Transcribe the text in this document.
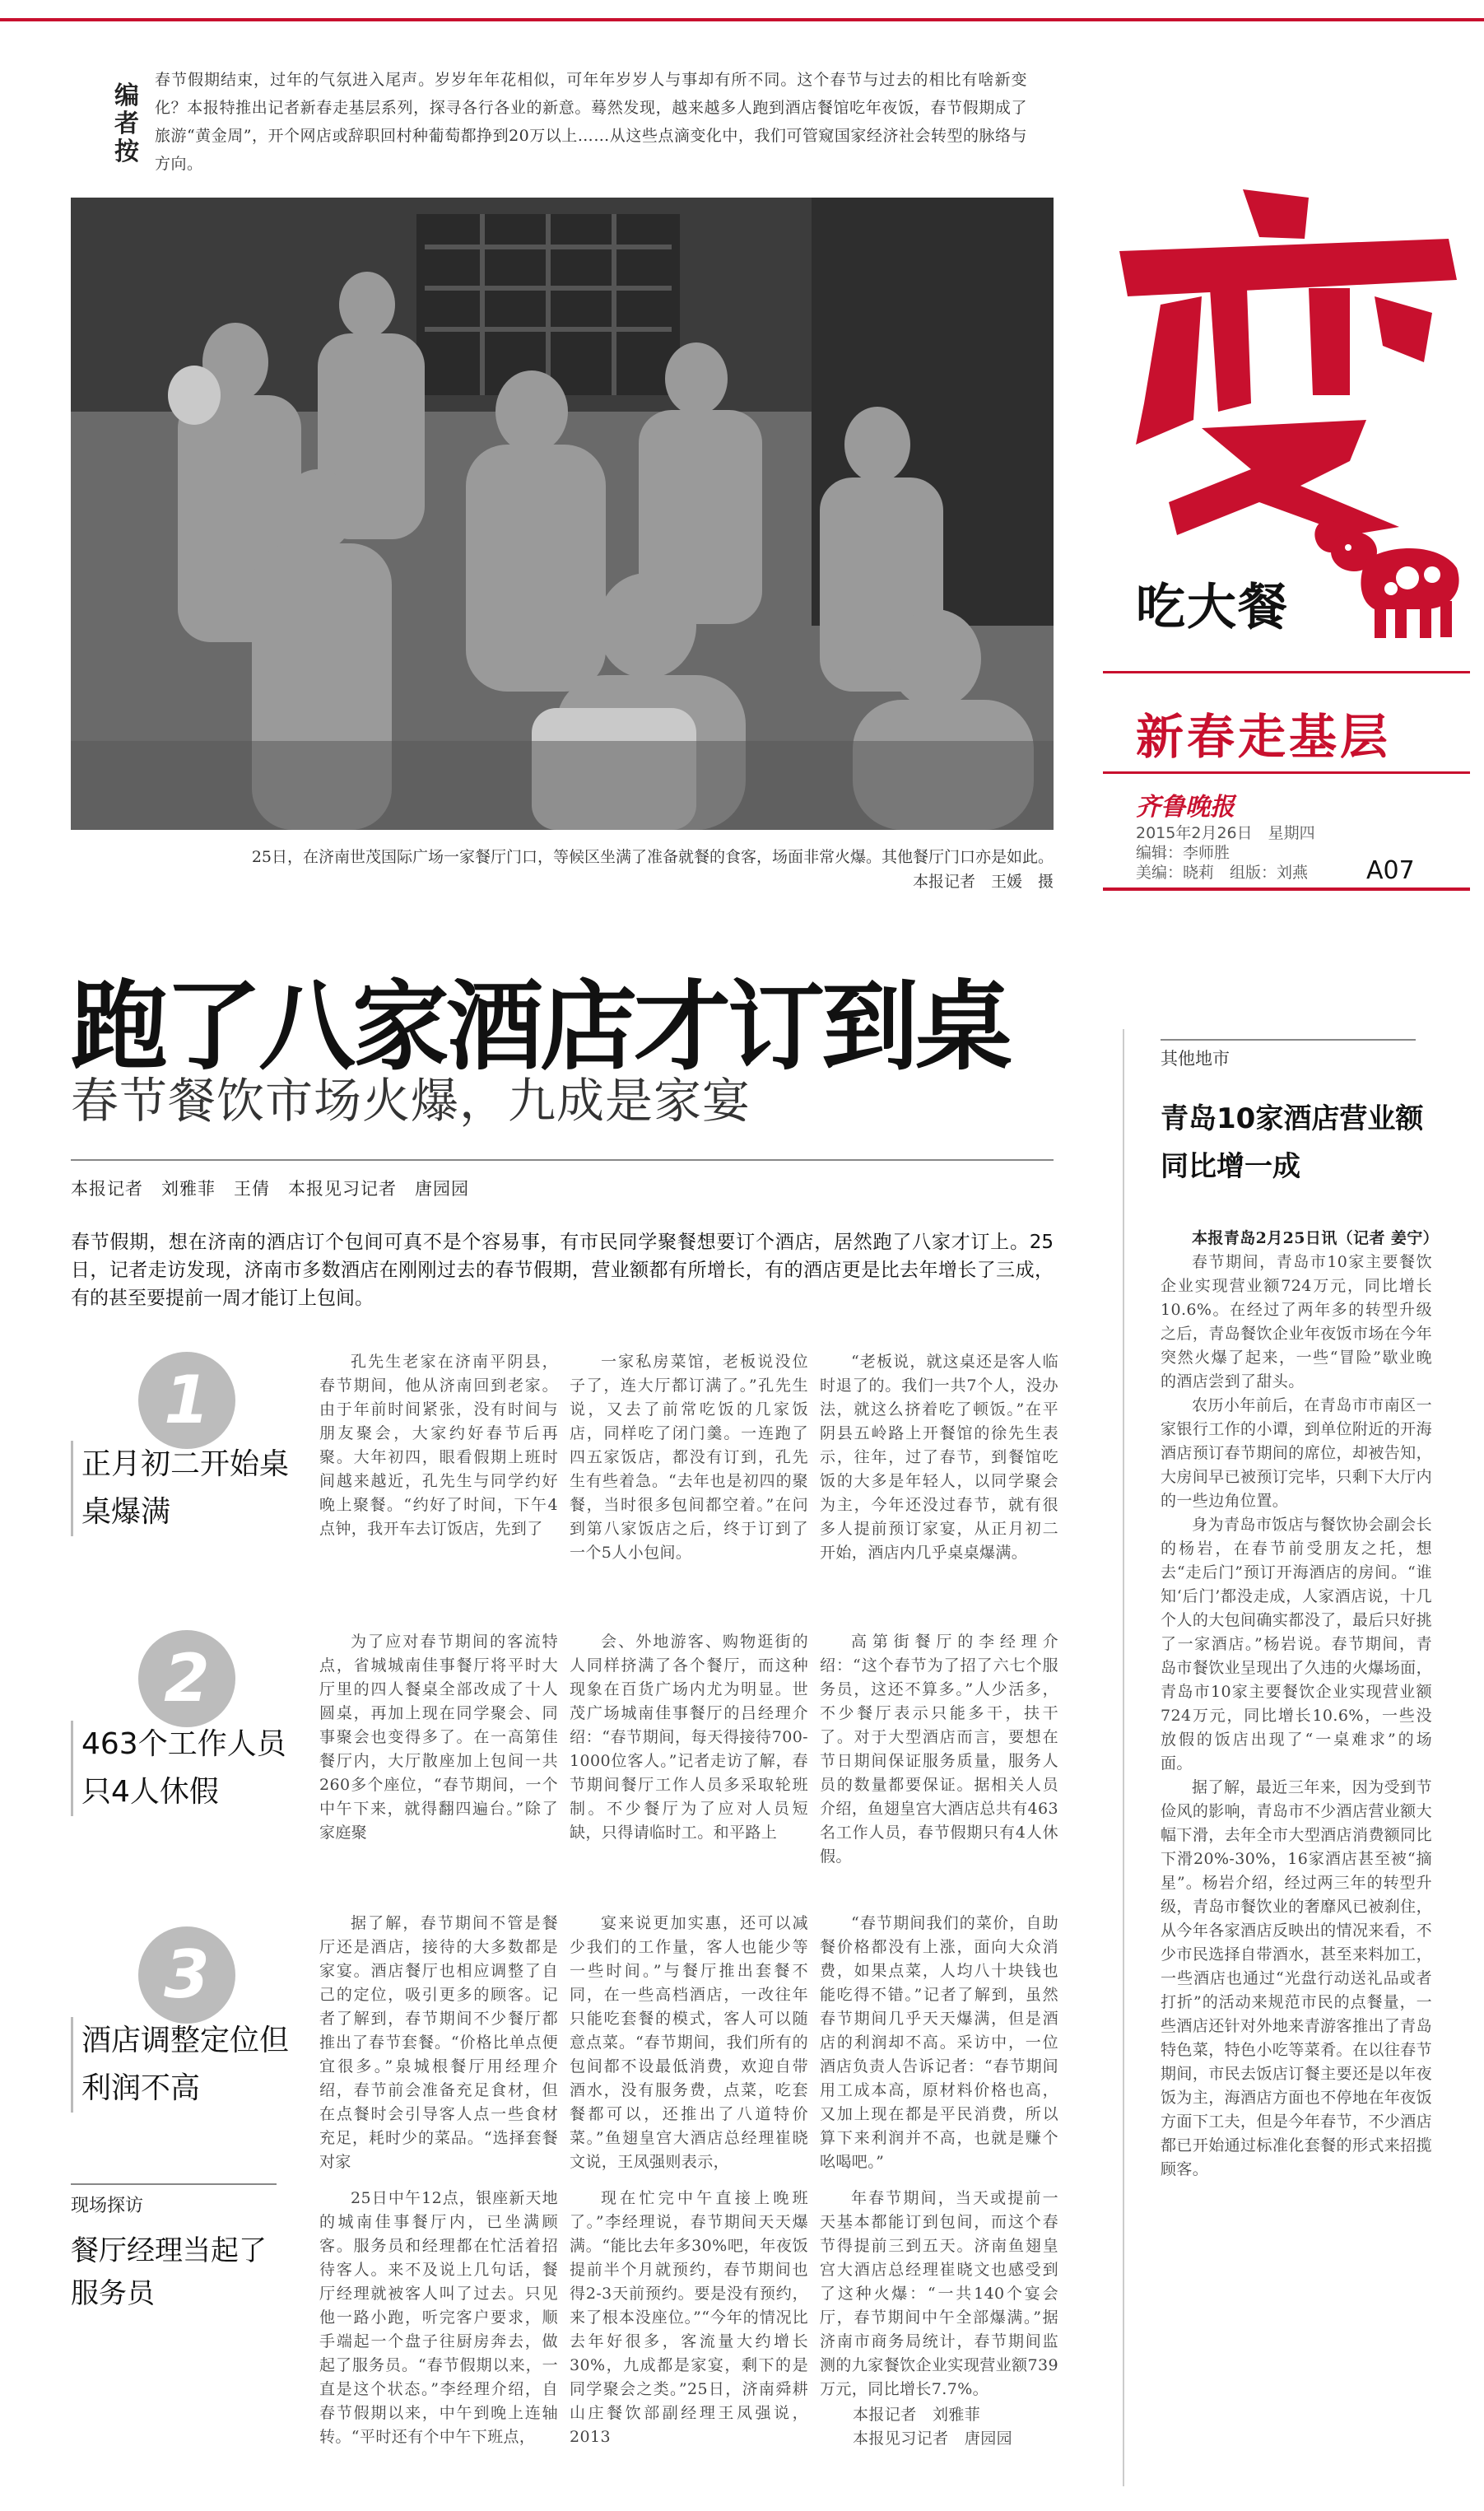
编者按
春节假期结束，过年的气氛进入尾声。岁岁年年花相似，可年年岁岁人与事却有所不同。这个春节与过去的相比有啥新变化？本报特推出记者新春走基层系列，探寻各行各业的新意。蓦然发现，越来越多人跑到酒店餐馆吃年夜饭，春节假期成了旅游“黄金周”，开个网店或辞职回村种葡萄都挣到20万以上……从这些点滴变化中，我们可管窥国家经济社会转型的脉络与方向。
25日，在济南世茂国际广场一家餐厅门口，等候区坐满了准备就餐的食客，场面非常火爆。其他餐厅门口亦是如此。
本报记者　王媛　摄
吃大餐
新春走基层
齐鲁晚报
2015年2月26日　星期四
编辑：李师胜
美编：晓莉　组版：刘燕 A07
跑了八家酒店才订到桌
春节餐饮市场火爆，九成是家宴
本报记者　刘雅菲　王倩　本报见习记者　唐园园
春节假期，想在济南的酒店订个包间可真不是个容易事，有市民同学聚餐想要订个酒店，居然跑了八家才订上。25日，记者走访发现，济南市多数酒店在刚刚过去的春节假期，营业额都有所增长，有的酒店更是比去年增长了三成，有的甚至要提前一周才能订上包间。
1
正月初二开始桌桌爆满

孔先生老家在济南平阴县，春节期间，他从济南回到老家。由于年前时间紧张，没有时间与朋友聚会，大家约好春节后再聚。大年初四，眼看假期上班时间越来越近，孔先生与同学约好晚上聚餐。“约好了时间，下午4点钟，我开车去订饭店，先到了

一家私房菜馆，老板说没位子了，连大厅都订满了。”孔先生说，又去了前常吃饭的几家饭店，同样吃了闭门羹。一连跑了四五家饭店，都没有订到，孔先生有些着急。“去年也是初四的聚餐，当时很多包间都空着。”在问到第八家饭店之后，终于订到了一个5人小包间。

“老板说，就这桌还是客人临时退了的。我们一共7个人，没办法，就这么挤着吃了顿饭。”在平阴县五岭路上开餐馆的徐先生表示，往年，过了春节，到餐馆吃饭的大多是年轻人，以同学聚会为主，今年还没过春节，就有很多人提前预订家宴，从正月初二开始，酒店内几乎桌桌爆满。

2
463个工作人员只4人休假

为了应对春节期间的客流特点，省城城南佳事餐厅将平时大厅里的四人餐桌全部改成了十人圆桌，再加上现在同学聚会、同事聚会也变得多了。在一高第佳餐厅内，大厅散座加上包间一共260多个座位，“春节期间，一个中午下来，就得翻四遍台。”除了家庭聚

会、外地游客、购物逛街的人同样挤满了各个餐厅，而这种现象在百货广场内尤为明显。世茂广场城南佳事餐厅的吕经理介绍：“春节期间，每天得接待700-1000位客人。”记者走访了解，春节期间餐厅工作人员多采取轮班制。不少餐厅为了应对人员短缺，只得请临时工。和平路上

高第街餐厅的李经理介绍：“这个春节为了招了六七个服务员，这还不算多。”人少活多，不少餐厅表示只能多干，扶干了。对于大型酒店而言，要想在节日期间保证服务质量，服务人员的数量都要保证。据相关人员介绍，鱼翅皇宫大酒店总共有463名工作人员，春节假期只有4人休假。

3
酒店调整定位但利润不高

据了解，春节期间不管是餐厅还是酒店，接待的大多数都是家宴。酒店餐厅也相应调整了自己的定位，吸引更多的顾客。记者了解到，春节期间不少餐厅都推出了春节套餐。“价格比单点便宜很多。”泉城根餐厅用经理介绍，春节前会准备充足食材，但在点餐时会引导客人点一些食材充足，耗时少的菜品。“选择套餐对家

宴来说更加实惠，还可以减少我们的工作量，客人也能少等一些时间。”与餐厅推出套餐不同，在一些高档酒店，一改往年只能吃套餐的模式，客人可以随意点菜。“春节期间，我们所有的包间都不设最低消费，欢迎自带酒水，没有服务费，点菜，吃套餐都可以，还推出了八道特价菜。”鱼翅皇宫大酒店总经理崔晓文说，王凤强则表示，

“春节期间我们的菜价，自助餐价格都没有上涨，面向大众消费，如果点菜，人均八十块钱也能吃得不错。”记者了解到，虽然春节期间几乎天天爆满，但是酒店的利润却不高。采访中，一位酒店负责人告诉记者：“春节期间用工成本高，原材料价格也高，又加上现在都是平民消费，所以算下来利润并不高，也就是赚个吆喝吧。”

现场探访
餐厅经理当起了服务员

25日中午12点，银座新天地的城南佳事餐厅内，已坐满顾客。服务员和经理都在忙活着招待客人。来不及说上几句话，餐厅经理就被客人叫了过去。只见他一路小跑，听完客户要求，顺手端起一个盘子往厨房奔去，做起了服务员。“春节假期以来，一直是这个状态。”李经理介绍，自春节假期以来，中午到晚上连轴转。“平时还有个中午下班点，

现在忙完中午直接上晚班了。”李经理说，春节期间天天爆满。“能比去年多30%吧，年夜饭提前半个月就预约，春节期间也得2-3天前预约。要是没有预约，来了根本没座位。”“今年的情况比去年好很多，客流量大约增长30%，九成都是家宴，剩下的是同学聚会之类。”25日，济南舜耕山庄餐饮部副经理王凤强说，2013

年春节期间，当天或提前一天基本都能订到包间，而这个春节得提前三到五天。济南鱼翅皇宫大酒店总经理崔晓文也感受到了这种火爆：“一共140个宴会厅，春节期间中午全部爆满。”据济南市商务局统计，春节期间监测的九家餐饮企业实现营业额739万元，同比增长7.7%。

本报记者　刘雅菲
本报见习记者　唐园园
其他地市
青岛10家酒店营业额同比增一成

本报青岛2月25日讯（记者 姜宁）

春节期间，青岛市10家主要餐饮企业实现营业额724万元，同比增长10.6%。在经过了两年多的转型升级之后，青岛餐饮企业年夜饭市场在今年突然火爆了起来，一些“冒险”歇业晚的酒店尝到了甜头。

农历小年前后，在青岛市市南区一家银行工作的小谭，到单位附近的开海酒店预订春节期间的席位，却被告知，大房间早已被预订完毕，只剩下大厅内的一些边角位置。

身为青岛市饭店与餐饮协会副会长的杨岩，在春节前受朋友之托，想去“走后门”预订开海酒店的房间。“谁知‘后门’都没走成，人家酒店说，十几个人的大包间确实都没了，最后只好挑了一家酒店。”杨岩说。春节期间，青岛市餐饮业呈现出了久违的火爆场面，青岛市10家主要餐饮企业实现营业额724万元，同比增长10.6%，一些没放假的饭店出现了“一桌难求”的场面。

据了解，最近三年来，因为受到节俭风的影响，青岛市不少酒店营业额大幅下滑，去年全市大型酒店消费额同比下滑20%-30%，16家酒店甚至被“摘星”。杨岩介绍，经过两三年的转型升级，青岛市餐饮业的奢靡风已被刹住，从今年各家酒店反映出的情况来看，不少市民选择自带酒水，甚至来料加工，一些酒店也通过“光盘行动送礼品或者打折”的活动来规范市民的点餐量，一些酒店还针对外地来青游客推出了青岛特色菜，特色小吃等菜肴。在以往春节期间，市民去饭店订餐主要还是以年夜饭为主，海酒店方面也不停地在年夜饭方面下工夫，但是今年春节，不少酒店都已开始通过标准化套餐的形式来招揽顾客。
